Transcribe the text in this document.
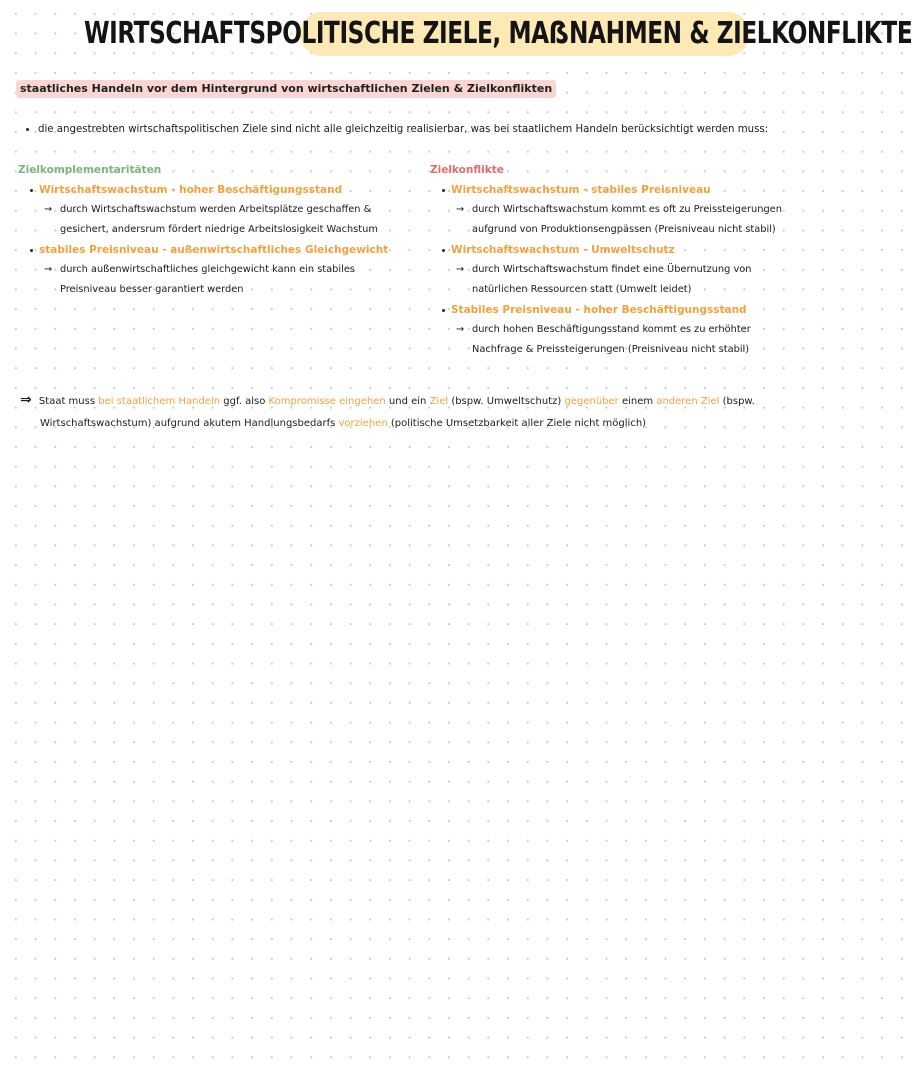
WIRTSCHAFTSPOLITISCHE ZIELE, MAẞNAHMEN & ZIELKONFLIKTE
staatliches Handeln vor dem Hintergrund von wirtschaftlichen Zielen & Zielkonflikten
die angestrebten wirtschaftspolitischen Ziele sind nicht alle gleichzeitig realisierbar, was bei staatlichem Handeln berücksichtigt werden muss:
Zielkomplementaritäten
Wirtschaftswachstum - hoher Beschäftigungsstand
→ durch Wirtschaftswachstum werden Arbeitsplätze geschaffen &
gesichert, andersrum fördert niedrige Arbeitslosigkeit Wachstum
stabiles Preisniveau - außenwirtschaftliches Gleichgewicht
→ durch außenwirtschaftliches gleichgewicht kann ein stabiles
Preisniveau besser garantiert werden
Zielkonflikte
Wirtschaftswachstum - stabiles Preisniveau
→ durch Wirtschaftswachstum kommt es oft zu Preissteigerungen
aufgrund von Produktionsengpässen (Preisniveau nicht stabil)
Wirtschaftswachstum - Umweltschutz
→ durch Wirtschaftswachstum findet eine Übernutzung von
natürlichen Ressourcen statt (Umwelt leidet)
Stabiles Preisniveau - hoher Beschäftigungsstand
→ durch hohen Beschäftigungsstand kommt es zu erhöhter
Nachfrage & Preissteigerungen (Preisniveau nicht stabil)
⇒ Staat muss bei staatlichem Handeln ggf. also Kompromisse eingehen und ein Ziel (bspw. Umweltschutz) gegenüber einem anderen Ziel (bspw.
Wirtschaftswachstum) aufgrund akutem Handlungsbedarfs vorziehen (politische Umsetzbarkeit aller Ziele nicht möglich)
